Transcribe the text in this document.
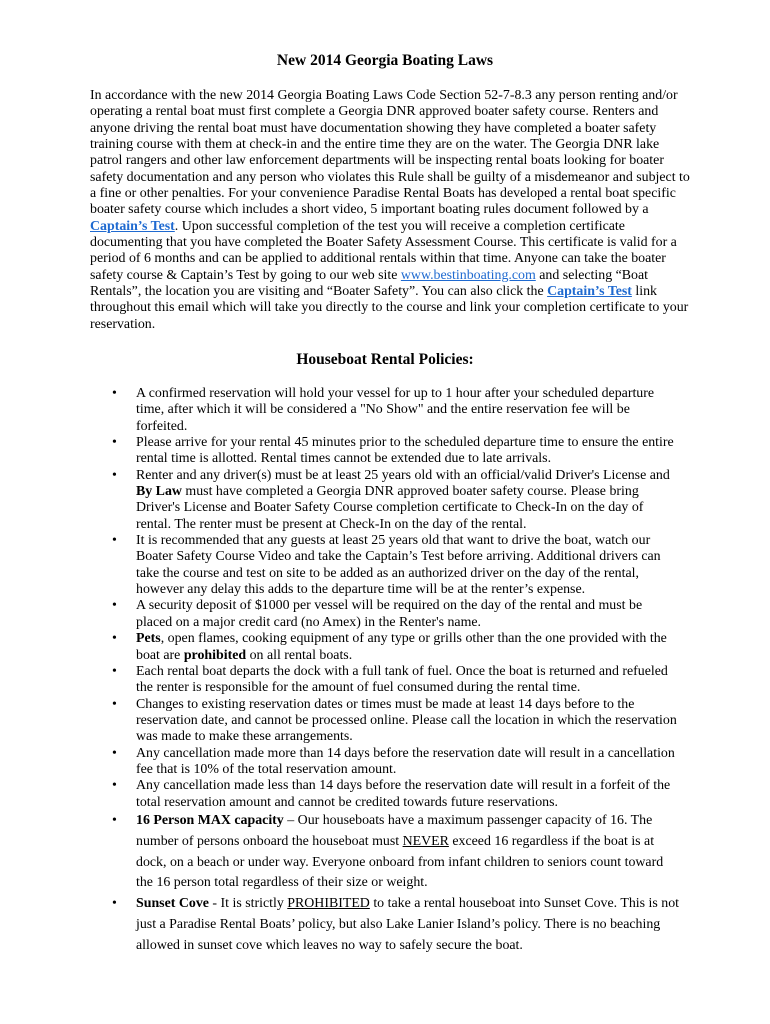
New 2014 Georgia Boating Laws

In accordance with the new 2014 Georgia Boating Laws Code Section 52-7-8.3 any person renting and/or operating a rental boat must first complete a Georgia DNR approved boater safety course. Renters and anyone driving the rental boat must have documentation showing they have completed a boater safety training course with them at check-in and the entire time they are on the water. The Georgia DNR lake patrol rangers and other law enforcement departments will be inspecting rental boats looking for boater safety documentation and any person who violates this Rule shall be guilty of a misdemeanor and subject to a fine or other penalties. For your convenience Paradise Rental Boats has developed a rental boat specific boater safety course which includes a short video, 5 important boating rules document followed by a Captain’s Test. Upon successful completion of the test you will receive a completion certificate documenting that you have completed the Boater Safety Assessment Course. This certificate is valid for a period of 6 months and can be applied to additional rentals within that time. Anyone can take the boater safety course & Captain’s Test by going to our web site www.bestinboating.com and selecting “Boat Rentals”, the location you are visiting and “Boater Safety”. You can also click the Captain’s Test link throughout this email which will take you directly to the course and link your completion certificate to your reservation.

Houseboat Rental Policies:
• A confirmed reservation will hold your vessel for up to 1 hour after your scheduled departure time, after which it will be considered a "No Show" and the entire reservation fee will be forfeited.
• Please arrive for your rental 45 minutes prior to the scheduled departure time to ensure the entire rental time is allotted. Rental times cannot be extended due to late arrivals.
• Renter and any driver(s) must be at least 25 years old with an official/valid Driver's License and By Law must have completed a Georgia DNR approved boater safety course. Please bring Driver's License and Boater Safety Course completion certificate to Check-In on the day of rental. The renter must be present at Check-In on the day of the rental.
• It is recommended that any guests at least 25 years old that want to drive the boat, watch our Boater Safety Course Video and take the Captain’s Test before arriving. Additional drivers can take the course and test on site to be added as an authorized driver on the day of the rental, however any delay this adds to the departure time will be at the renter’s expense.
• A security deposit of $1000 per vessel will be required on the day of the rental and must be placed on a major credit card (no Amex) in the Renter's name.
• Pets, open flames, cooking equipment of any type or grills other than the one provided with the boat are prohibited on all rental boats.
• Each rental boat departs the dock with a full tank of fuel. Once the boat is returned and refueled the renter is responsible for the amount of fuel consumed during the rental time.
• Changes to existing reservation dates or times must be made at least 14 days before to the reservation date, and cannot be processed online. Please call the location in which the reservation was made to make these arrangements.
• Any cancellation made more than 14 days before the reservation date will result in a cancellation fee that is 10% of the total reservation amount.
• Any cancellation made less than 14 days before the reservation date will result in a forfeit of the total reservation amount and cannot be credited towards future reservations.
• 16 Person MAX capacity – Our houseboats have a maximum passenger capacity of 16. The number of persons onboard the houseboat must NEVER exceed 16 regardless if the boat is at dock, on a beach or under way. Everyone onboard from infant children to seniors count toward the 16 person total regardless of their size or weight.
• Sunset Cove - It is strictly PROHIBITED to take a rental houseboat into Sunset Cove. This is not just a Paradise Rental Boats’ policy, but also Lake Lanier Island’s policy. There is no beaching allowed in sunset cove which leaves no way to safely secure the boat.
